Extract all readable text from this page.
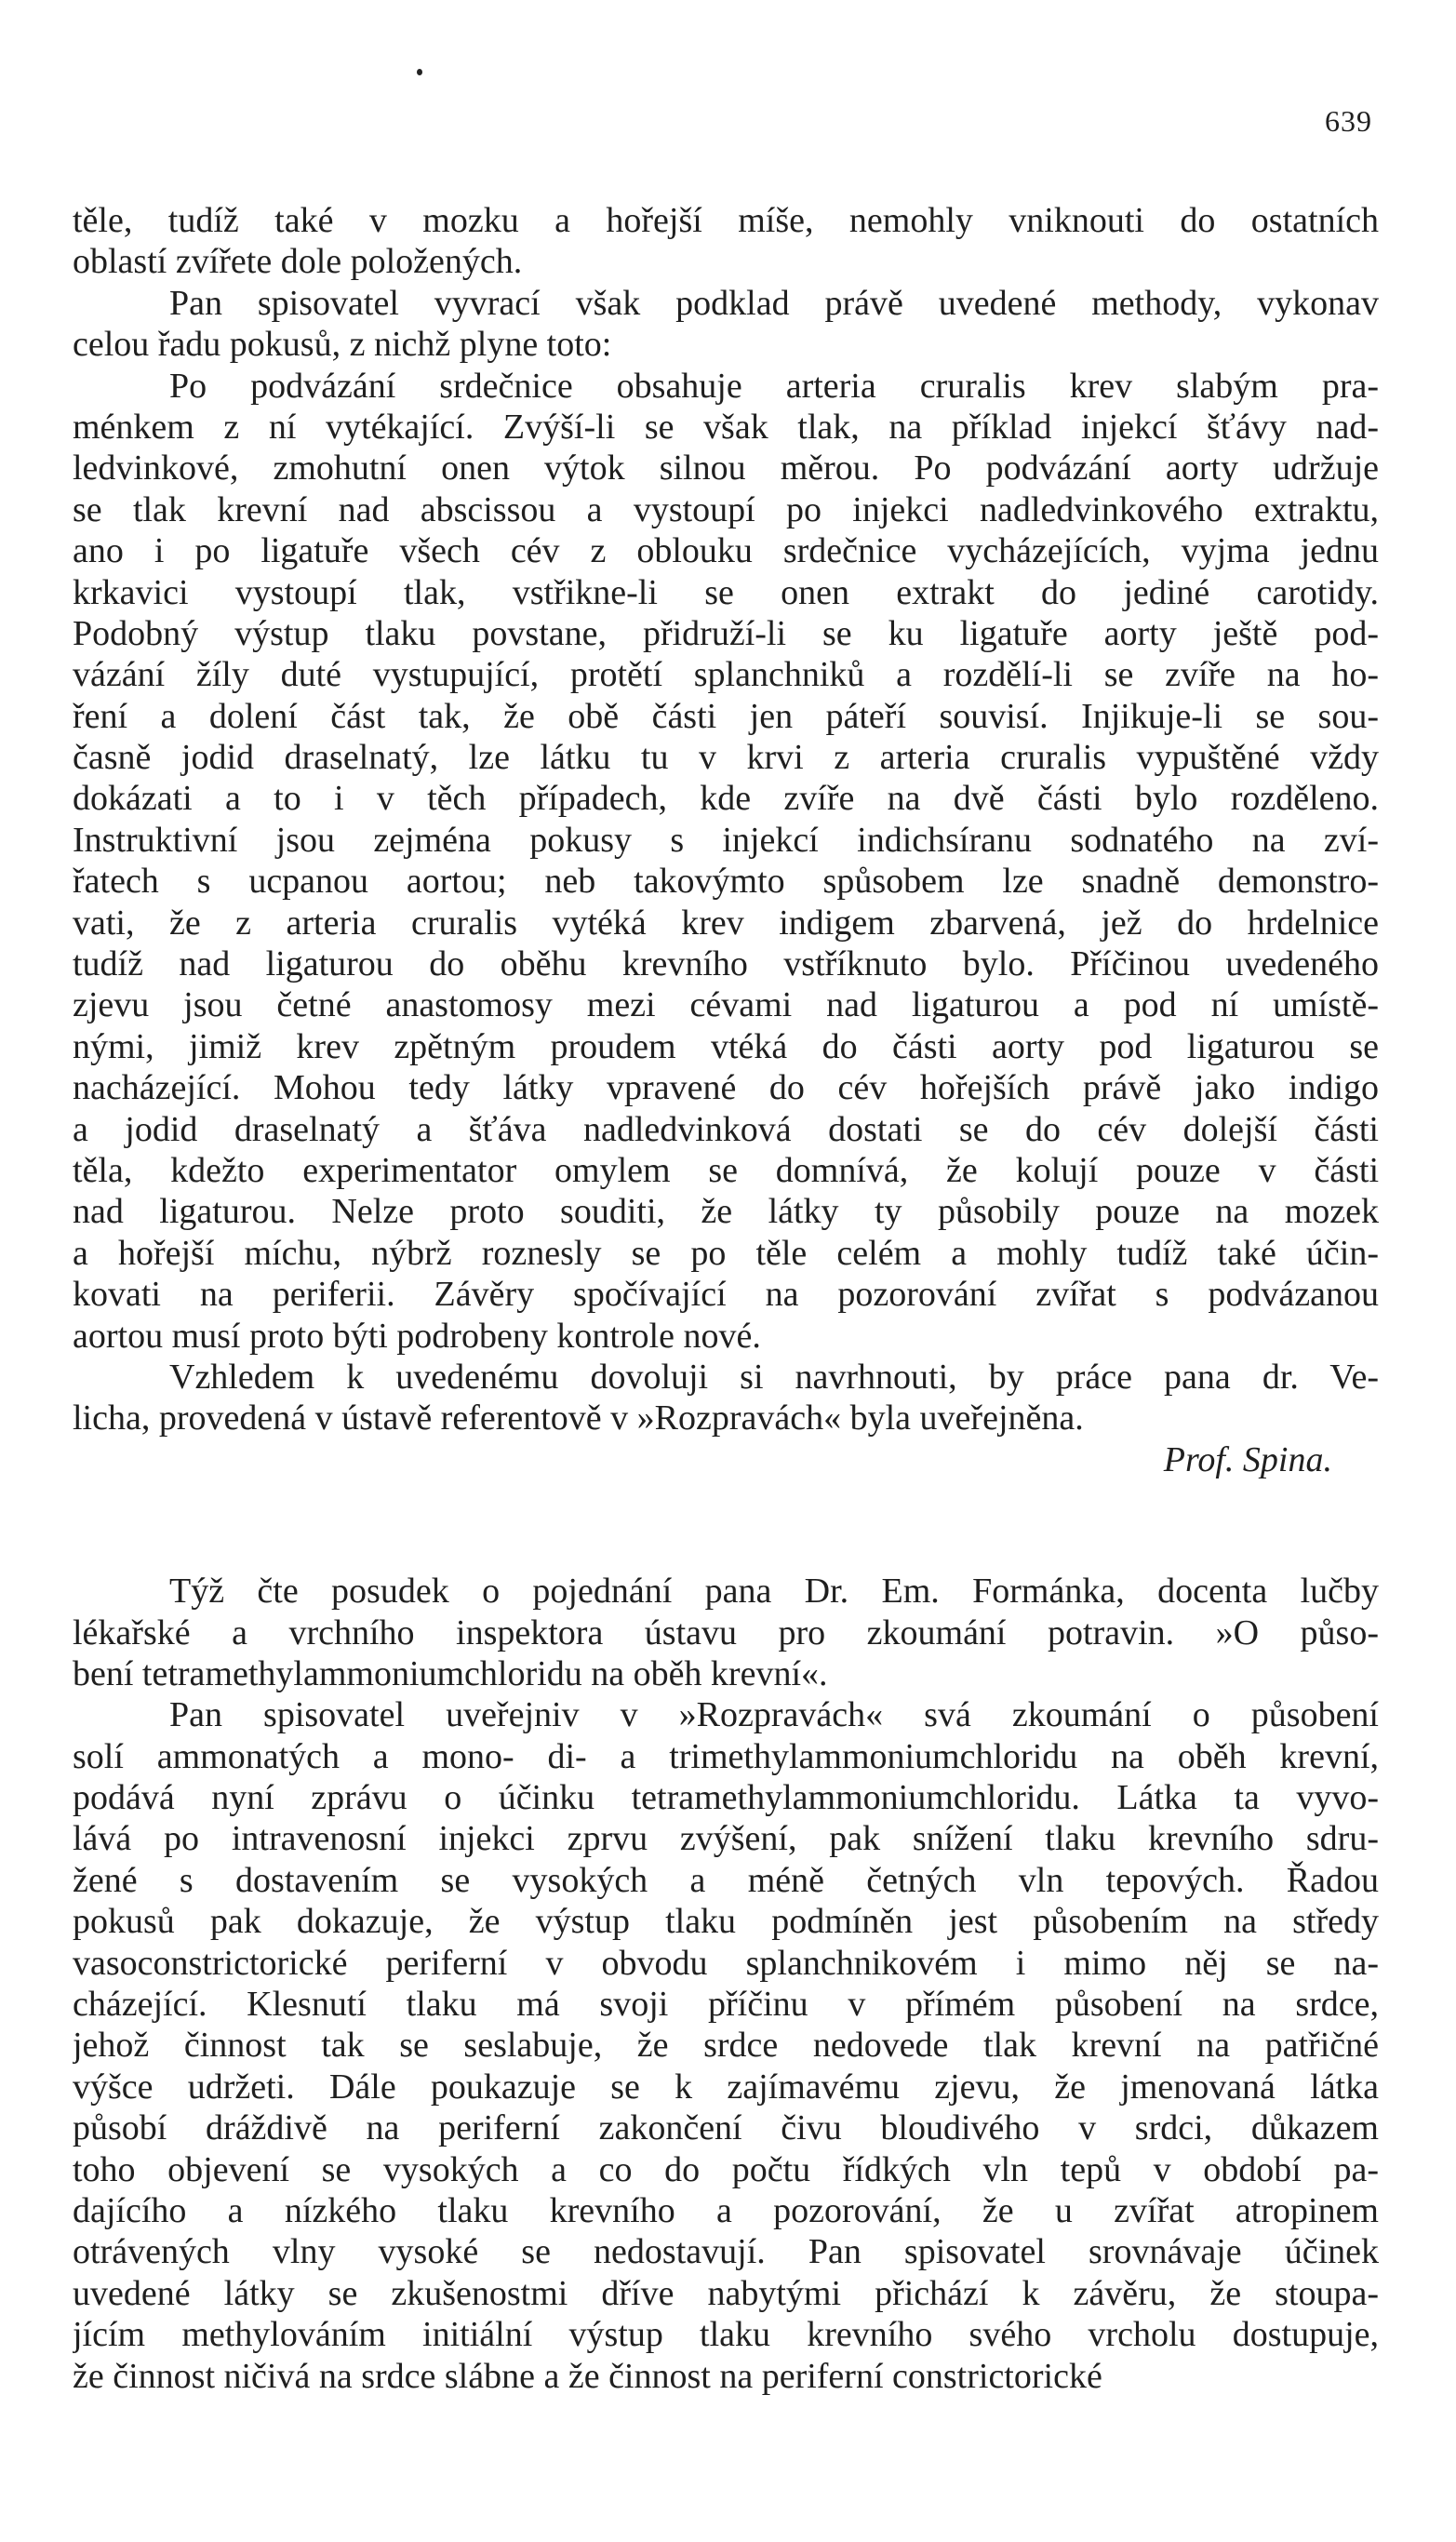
639
těle, tudíž také v mozku a hořejší míše, nemohly vniknouti do ostatních
oblastí zvířete dole položených.
Pan spisovatel vyvrací však podklad právě uvedené methody, vykonav
celou řadu pokusů, z nichž plyne toto:
Po podvázání srdečnice obsahuje arteria cruralis krev slabým pra-
ménkem z ní vytékající. Zvýší-li se však tlak, na příklad injekcí šťávy nad-
ledvinkové, zmohutní onen výtok silnou měrou. Po podvázání aorty udržuje
se tlak krevní nad abscissou a vystoupí po injekci nadledvinkového extraktu,
ano i po ligatuře všech cév z oblouku srdečnice vycházejících, vyjma jednu
krkavici vystoupí tlak, vstřikne-li se onen extrakt do jediné carotidy.
Podobný výstup tlaku povstane, přidruží-li se ku ligatuře aorty ještě pod-
vázání žíly duté vystupující, protětí splanchniků a rozdělí-li se zvíře na ho-
ření a dolení část tak, že obě části jen páteří souvisí. Injikuje-li se sou-
časně jodid draselnatý, lze látku tu v krvi z arteria cruralis vypuštěné vždy
dokázati a to i v těch případech, kde zvíře na dvě části bylo rozděleno.
Instruktivní jsou zejména pokusy s injekcí indichsíranu sodnatého na zví-
řatech s ucpanou aortou; neb takovýmto spůsobem lze snadně demonstro-
vati, že z arteria cruralis vytéká krev indigem zbarvená, jež do hrdelnice
tudíž nad ligaturou do oběhu krevního vstříknuto bylo. Příčinou uvedeného
zjevu jsou četné anastomosy mezi cévami nad ligaturou a pod ní umístě-
nými, jimiž krev zpětným proudem vtéká do části aorty pod ligaturou se
nacházející. Mohou tedy látky vpravené do cév hořejších právě jako indigo
a jodid draselnatý a šťáva nadledvinková dostati se do cév dolejší části
těla, kdežto experimentator omylem se domnívá, že kolují pouze v části
nad ligaturou. Nelze proto souditi, že látky ty působily pouze na mozek
a hořejší míchu, nýbrž roznesly se po těle celém a mohly tudíž také účin-
kovati na periferii. Závěry spočívající na pozorování zvířat s podvázanou
aortou musí proto býti podrobeny kontrole nové.
Vzhledem k uvedenému dovoluji si navrhnouti, by práce pana dr. Ve-
licha, provedená v ústavě referentově v »Rozpravách« byla uveřejněna.
Prof. Spina.
Týž čte posudek o pojednání pana Dr. Em. Formánka, docenta lučby
lékařské a vrchního inspektora ústavu pro zkoumání potravin. »O půso-
bení tetramethylammoniumchloridu na oběh krevní«.
Pan spisovatel uveřejniv v »Rozpravách« svá zkoumání o působení
solí ammonatých a mono- di- a trimethylammoniumchloridu na oběh krevní,
podává nyní zprávu o účinku tetramethylammoniumchloridu. Látka ta vyvo-
lává po intravenosní injekci zprvu zvýšení, pak snížení tlaku krevního sdru-
žené s dostavením se vysokých a méně četných vln tepových. Řadou
pokusů pak dokazuje, že výstup tlaku podmíněn jest působením na středy
vasoconstrictorické periferní v obvodu splanchnikovém i mimo něj se na-
cházející. Klesnutí tlaku má svoji příčinu v přímém působení na srdce,
jehož činnost tak se seslabuje, že srdce nedovede tlak krevní na patřičné
výšce udržeti. Dále poukazuje se k zajímavému zjevu, že jmenovaná látka
působí dráždivě na periferní zakončení čivu bloudivého v srdci, důkazem
toho objevení se vysokých a co do počtu řídkých vln tepů v období pa-
dajícího a nízkého tlaku krevního a pozorování, že u zvířat atropinem
otrávených vlny vysoké se nedostavují. Pan spisovatel srovnávaje účinek
uvedené látky se zkušenostmi dříve nabytými přichází k závěru, že stoupa-
jícím methylováním initiální výstup tlaku krevního svého vrcholu dostupuje,
že činnost ničivá na srdce slábne a že činnost na periferní constrictorické
